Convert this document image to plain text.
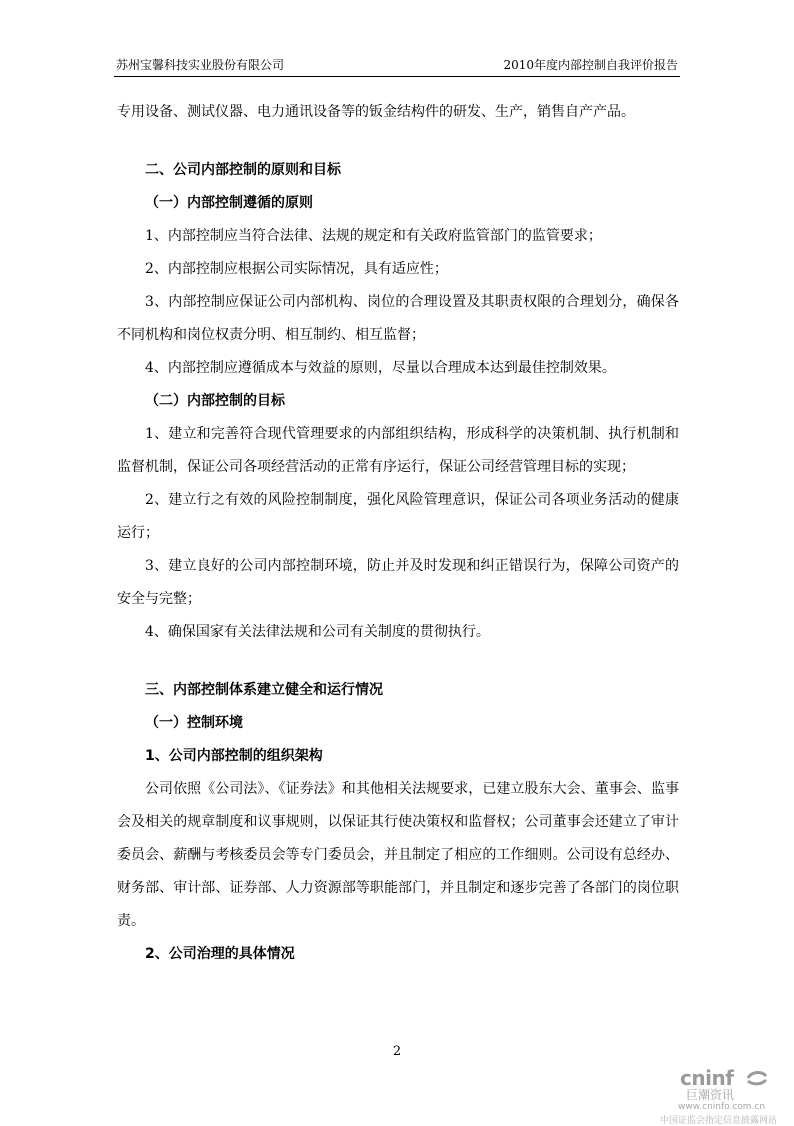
苏州宝馨科技实业股份有限公司	2010年度内部控制自我评价报告

专用设备、测试仪器、电力通讯设备等的钣金结构件的研发、生产，销售自产产品。

二、公司内部控制的原则和目标

（一）内部控制遵循的原则

1、内部控制应当符合法律、法规的规定和有关政府监管部门的监管要求；

2、内部控制应根据公司实际情况，具有适应性；

3、内部控制应保证公司内部机构、岗位的合理设置及其职责权限的合理划分，确保各不同机构和岗位权责分明、相互制约、相互监督；

4、内部控制应遵循成本与效益的原则，尽量以合理成本达到最佳控制效果。

（二）内部控制的目标

1、建立和完善符合现代管理要求的内部组织结构，形成科学的决策机制、执行机制和监督机制，保证公司各项经营活动的正常有序运行，保证公司经营管理目标的实现；

2、建立行之有效的风险控制制度，强化风险管理意识，保证公司各项业务活动的健康运行；

3、建立良好的公司内部控制环境，防止并及时发现和纠正错误行为，保障公司资产的安全与完整；

4、确保国家有关法律法规和公司有关制度的贯彻执行。

三、内部控制体系建立健全和运行情况

（一）控制环境

1、公司内部控制的组织架构

公司依照《公司法》、《证券法》和其他相关法规要求，已建立股东大会、董事会、监事会及相关的规章制度和议事规则，以保证其行使决策权和监督权；公司董事会还建立了审计委员会、薪酬与考核委员会等专门委员会，并且制定了相应的工作细则。公司设有总经办、财务部、审计部、证券部、人力资源部等职能部门，并且制定和逐步完善了各部门的岗位职责。

2、公司治理的具体情况

2
cninf
巨潮资讯
www.cninfo.com.cn
中国证监会指定信息披露网站
